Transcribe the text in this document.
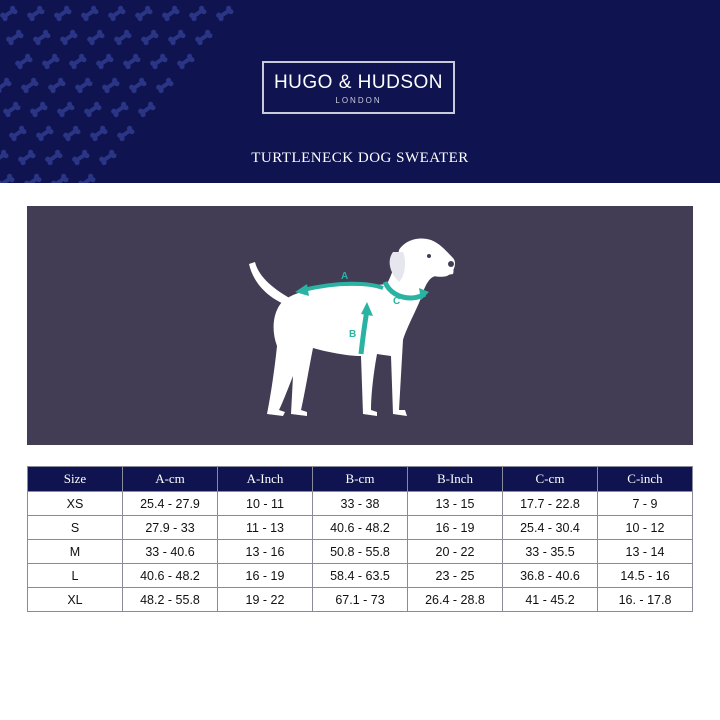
HUGO & HUDSON
LONDON
TURTLENECK DOG SWEATER
A
B
C
Size	A-cm	A-Inch	B-cm	B-Inch	C-cm	C-inch
XS	25.4 - 27.9	10 - 11	33 - 38	13 - 15	17.7 - 22.8	7 - 9
S	27.9 - 33	11 - 13	40.6 - 48.2	16 - 19	25.4 - 30.4	10 - 12
M	33 - 40.6	13 - 16	50.8 - 55.8	20 - 22	33 - 35.5	13 - 14
L	40.6 - 48.2	16 - 19	58.4 - 63.5	23 - 25	36.8 - 40.6	14.5 - 16
XL	48.2 - 55.8	19 - 22	67.1 - 73	26.4 - 28.8	41 - 45.2	16. - 17.8
